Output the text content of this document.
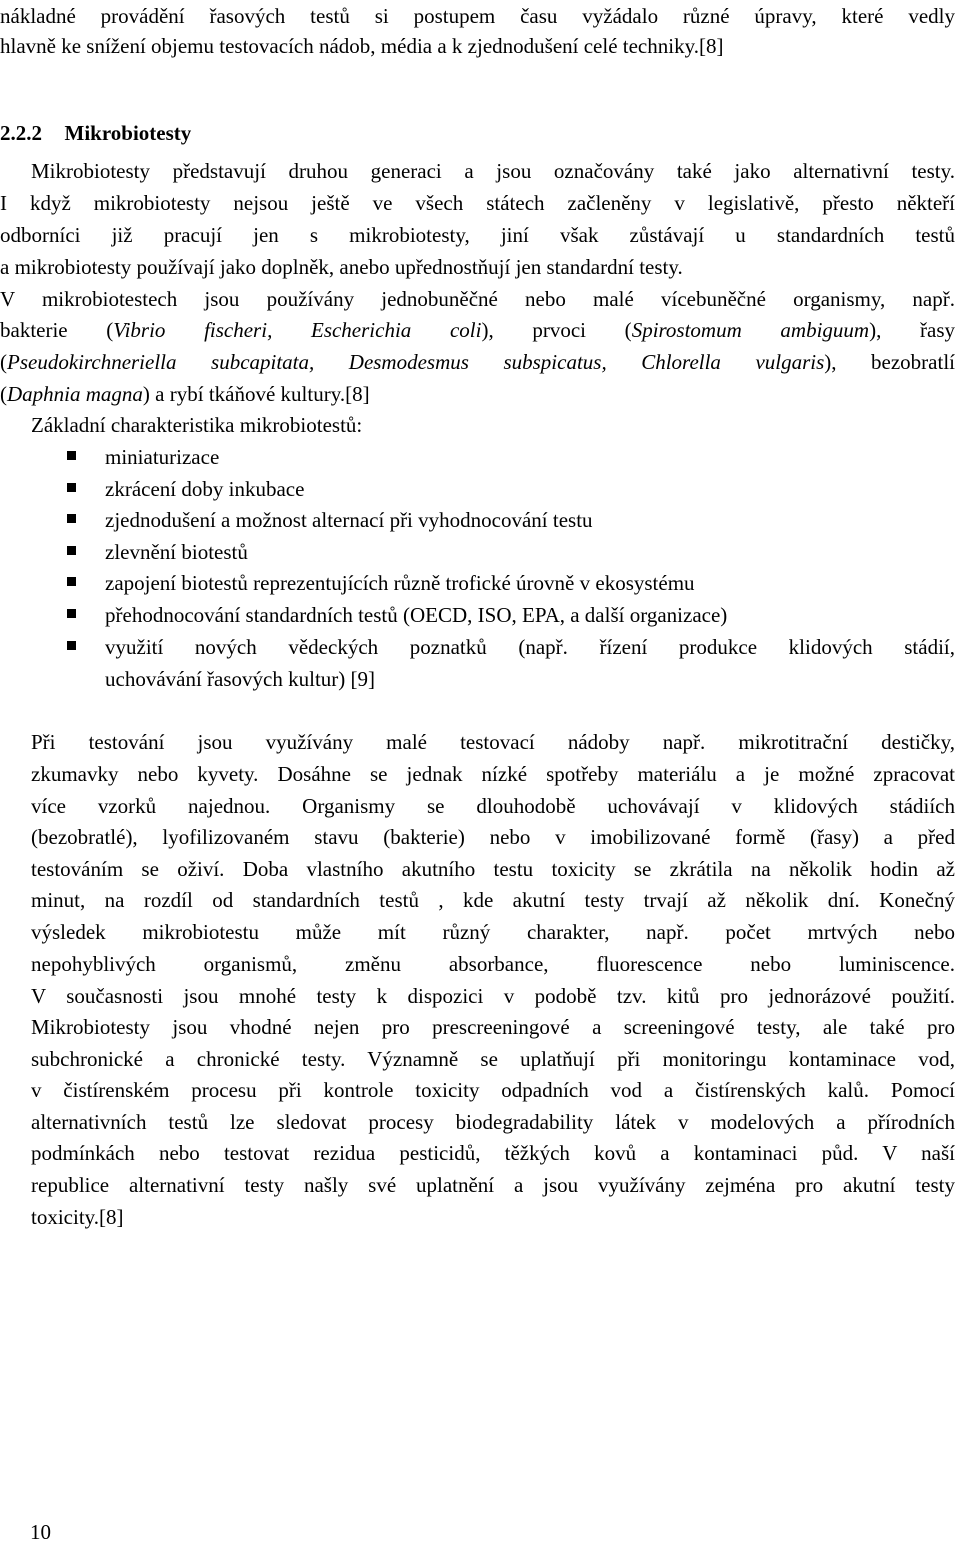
nákladné provádění řasových testů si postupem času vyžádalo různé úpravy, které vedly
hlavně ke snížení objemu testovacích nádob, média a k zjednodušení celé techniky.[8]
2.2.2 Mikrobiotesty
Mikrobiotesty představují druhou generaci a jsou označovány také jako alternativní testy.
I když mikrobiotesty nejsou ještě ve všech státech začleněny v legislativě, přesto někteří
odborníci již pracují jen s mikrobiotesty, jiní však zůstávají u standardních testů
a mikrobiotesty používají jako doplněk, anebo upřednostňují jen standardní testy.
V mikrobiotestech jsou používány jednobuněčné nebo malé vícebuněčné organismy, např.
bakterie (Vibrio fischeri, Escherichia coli), prvoci (Spirostomum ambiguum), řasy
(Pseudokirchneriella subcapitata, Desmodesmus subspicatus, Chlorella vulgaris), bezobratlí
(Daphnia magna) a rybí tkáňové kultury.[8]
Základní charakteristika mikrobiotestů:
miniaturizace
zkrácení doby inkubace
zjednodušení a možnost alternací při vyhodnocování testu
zlevnění biotestů
zapojení biotestů reprezentujících různě trofické úrovně v ekosystému
přehodnocování standardních testů (OECD, ISO, EPA, a další organizace)
využití nových vědeckých poznatků (např. řízení produkce klidových stádií,
uchovávání řasových kultur) [9]
Při testování jsou využívány malé testovací nádoby např. mikrotitrační destičky,
zkumavky nebo kyvety. Dosáhne se jednak nízké spotřeby materiálu a je možné zpracovat
více vzorků najednou. Organismy se dlouhodobě uchovávají v klidových stádiích
(bezobratlé), lyofilizovaném stavu (bakterie) nebo v imobilizované formě (řasy) a před
testováním se oživí. Doba vlastního akutního testu toxicity se zkrátila na několik hodin až
minut, na rozdíl od standardních testů , kde akutní testy trvají až několik dní. Konečný
výsledek mikrobiotestu může mít různý charakter, např. počet mrtvých nebo
nepohyblivých organismů, změnu absorbance, fluorescence nebo luminiscence.
V současnosti jsou mnohé testy k dispozici v podobě tzv. kitů pro jednorázové použití.
Mikrobiotesty jsou vhodné nejen pro prescreeningové a screeningové testy, ale také pro
subchronické a chronické testy. Významně se uplatňují při monitoringu kontaminace vod,
v čistírenském procesu při kontrole toxicity odpadních vod a čistírenských kalů. Pomocí
alternativních testů lze sledovat procesy biodegradability látek v modelových a přírodních
podmínkách nebo testovat rezidua pesticidů, těžkých kovů a kontaminaci půd. V naší
republice alternativní testy našly své uplatnění a jsou využívány zejména pro akutní testy
toxicity.[8]
10
